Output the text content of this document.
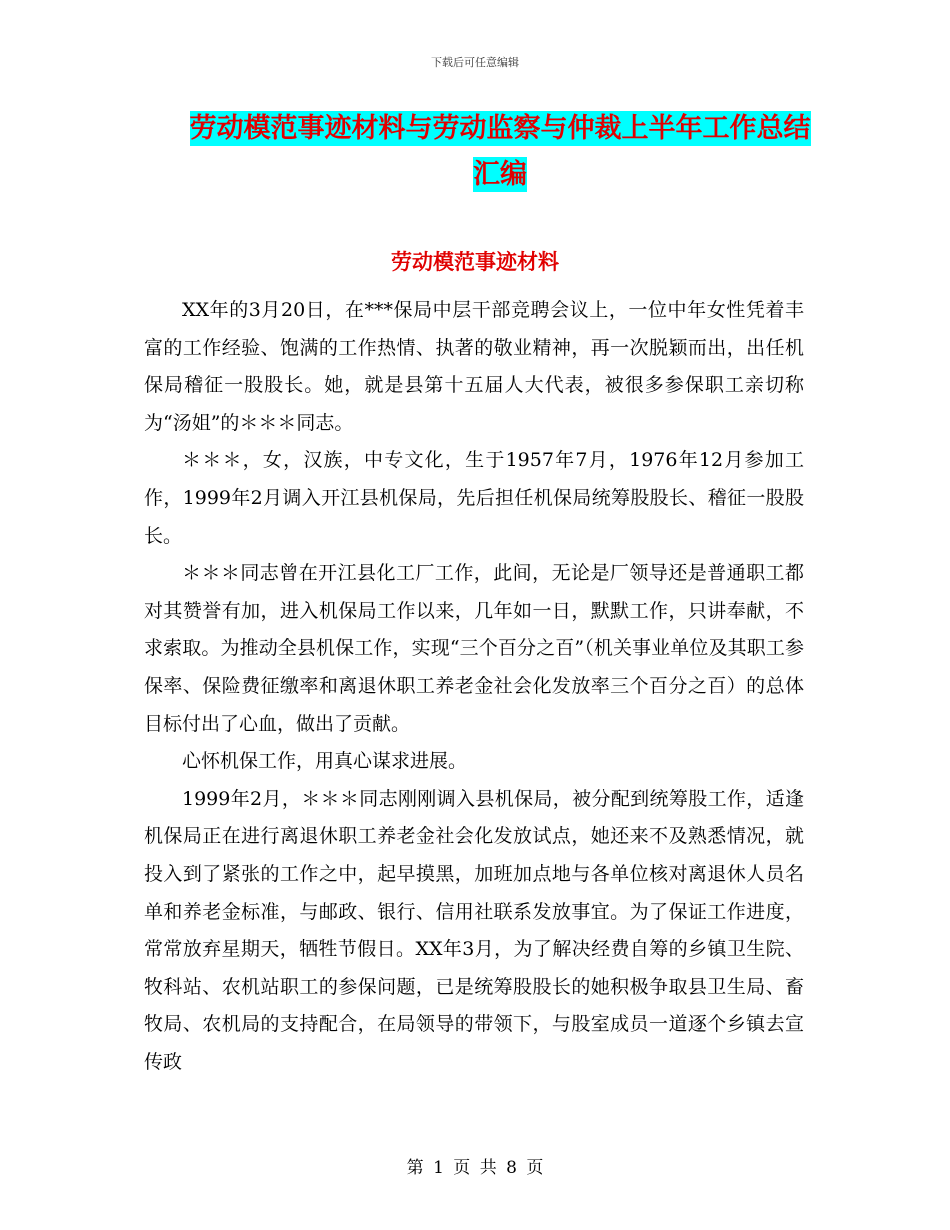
下载后可任意编辑
劳动模范事迹材料与劳动监察与仲裁上半年工作总结
汇编
劳动模范事迹材料

XX年的3月20日，在***保局中层干部竞聘会议上，一位中年女性凭着丰富的工作经验、饱满的工作热情、执著的敬业精神，再一次脱颖而出，出任机保局稽征一股股长。她，就是县第十五届人大代表，被很多参保职工亲切称为“汤姐”的＊＊＊同志。

＊＊＊，女，汉族，中专文化，生于1957年7月，1976年12月参加工作，1999年2月调入开江县机保局，先后担任机保局统筹股股长、稽征一股股长。

＊＊＊同志曾在开江县化工厂工作，此间，无论是厂领导还是普通职工都对其赞誉有加，进入机保局工作以来，几年如一日，默默工作，只讲奉献，不求索取。为推动全县机保工作，实现“三个百分之百”（机关事业单位及其职工参保率、保险费征缴率和离退休职工养老金社会化发放率三个百分之百）的总体目标付出了心血，做出了贡献。

心怀机保工作，用真心谋求进展。

1999年2月，＊＊＊同志刚刚调入县机保局，被分配到统筹股工作，适逢机保局正在进行离退休职工养老金社会化发放试点，她还来不及熟悉情况，就投入到了紧张的工作之中，起早摸黑，加班加点地与各单位核对离退休人员名单和养老金标准，与邮政、银行、信用社联系发放事宜。为了保证工作进度，常常放弃星期天，牺牲节假日。XX年3月，为了解决经费自筹的乡镇卫生院、牧科站、农机站职工的参保问题，已是统筹股股长的她积极争取县卫生局、畜牧局、农机局的支持配合，在局领导的带领下，与股室成员一道逐个乡镇去宣传政

第 1 页 共 8 页
